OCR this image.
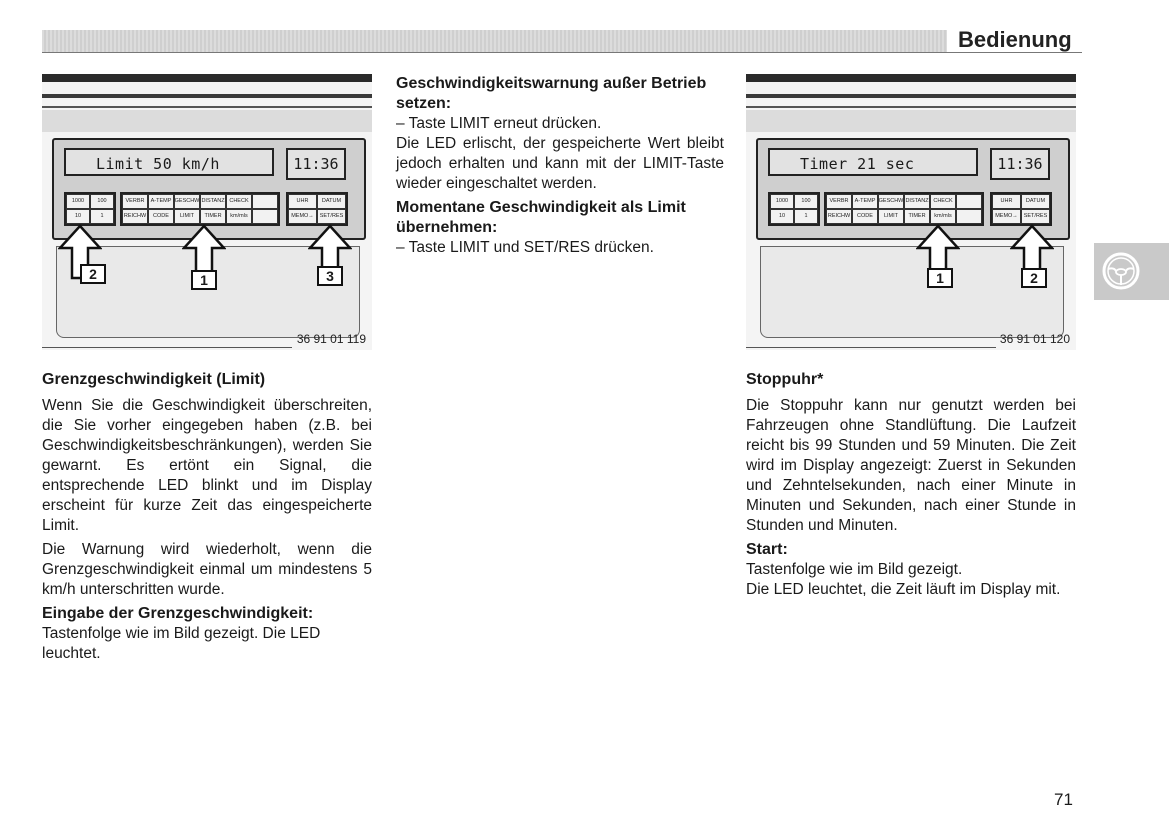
Bedienung
Limit 50 km/h	11:36
1000	100
10	1
VERBR	A-TEMP GESCHW DISTANZ CHECK
REICHW	CODE	LIMIT	TIMER	km/mls
UHR	DATUM
MEMO→	SET/RES
2	1	3
36 91 01 119
Grenzgeschwindigkeit (Limit)

Wenn Sie die Geschwindigkeit überschreiten, die Sie vorher eingegeben haben (z.B. bei Geschwindigkeitsbeschränkungen), werden Sie gewarnt. Es ertönt ein Signal, die entsprechende LED blinkt und im Display erscheint für kurze Zeit das eingespeicherte Limit.

Die Warnung wird wiederholt, wenn die Grenzgeschwindigkeit einmal um mindestens 5 km/h unterschritten wurde.

Eingabe der Grenzgeschwindigkeit:

Tastenfolge wie im Bild gezeigt. Die LED leuchtet.

Geschwindigkeitswarnung außer Betrieb setzen:

– Taste LIMIT erneut drücken.

Die LED erlischt, der gespeicherte Wert bleibt jedoch erhalten und kann mit der LIMIT-Taste wieder eingeschaltet werden.

Momentane Geschwindigkeit als Limit übernehmen:

– Taste LIMIT und SET/RES drücken.

Timer 21 sec	11:36
1000	100
10	1
VERBR	A-TEMP GESCHW DISTANZ CHECK
REICHW	CODE	LIMIT	TIMER	km/mls
UHR	DATUM
MEMO→	SET/RES
1	2
36 91 01 120
Stoppuhr*

Die Stoppuhr kann nur genutzt werden bei Fahrzeugen ohne Standlüftung. Die Laufzeit reicht bis 99 Stunden und 59 Minuten. Die Zeit wird im Display angezeigt: Zuerst in Sekunden und Zehntelsekunden, nach einer Minute in Minuten und Sekunden, nach einer Stunde in Stunden und Minuten.

Start:

Tastenfolge wie im Bild gezeigt.

Die LED leuchtet, die Zeit läuft im Display mit.

71
